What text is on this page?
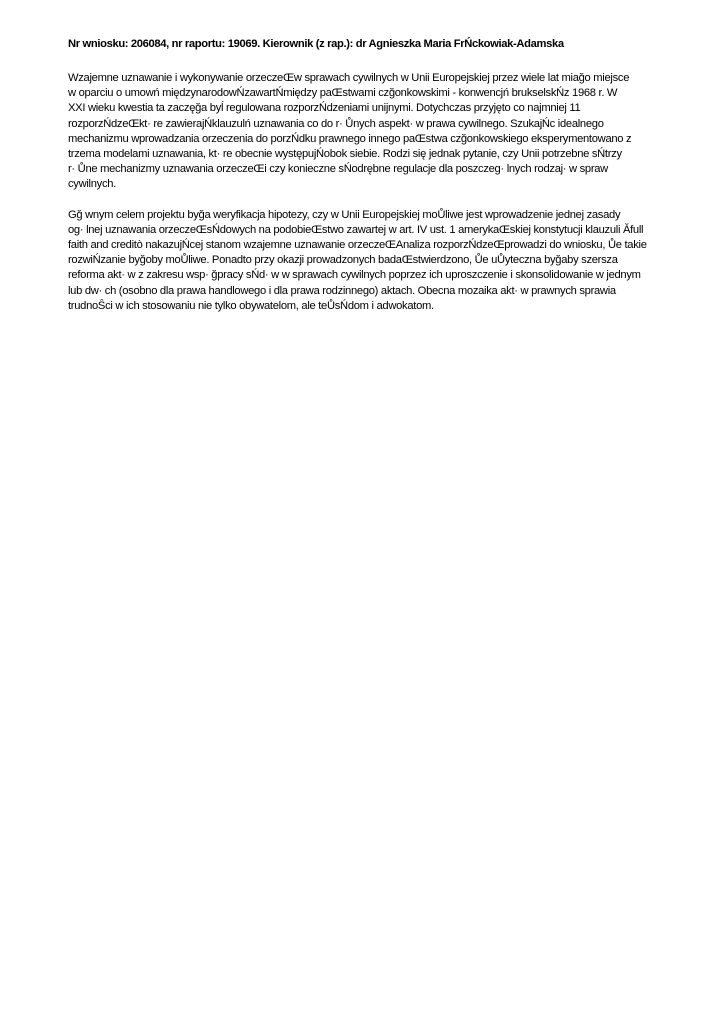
Nr wniosku: 206084, nr raportu: 19069. Kierownik (z rap.): dr Agnieszka Maria FrŃckowiak-Adamska
Wzajemne uznawanie i wykonywanie orzeczeŒw sprawach cywilnych w Unii Europejskiej przez wiele lat miağo miejsce
w oparciu o umowń międzynarodowŃzawartŃmiędzy paŒstwami czğonkowskimi - konwencjń brukselskŃz 1968 r. W
XXI wieku kwestia ta zaczęğa byĺ regulowana rozporzŃdzeniami unijnymi. Dotychczas przyjęto co najmniej 11
rozporzŃdzeŒkt· re zawierajŃklauzulń uznawania co do r· Ůnych aspekt· w prawa cywilnego. SzukajŃc idealnego
mechanizmu wprowadzania orzeczenia do porzŃdku prawnego innego paŒstwa czğonkowskiego eksperymentowano z
trzema modelami uznawania, kt· re obecnie występujŃobok siebie. Rodzi się jednak pytanie, czy Unii potrzebne sŃtrzy
r· Ůne mechanizmy uznawania orzeczeŒi czy konieczne sŃodrębne regulacje dla poszczeg· lnych rodzaj· w spraw
cywilnych.
Gğ wnym celem projektu byğa weryfikacja hipotezy, czy w Unii Europejskiej moŮliwe jest wprowadzenie jednej zasady
og· lnej uznawania orzeczeŒsŃdowych na podobieŒstwo zawartej w art. IV ust. 1 amerykaŒskiej konstytucji klauzuli Ăfull
faith and creditò nakazujŃcej stanom wzajemne uznawanie orzeczeŒAnaliza rozporzŃdzeŒprowadzi do wniosku, Ůe takie
rozwiŃzanie byğoby moŮliwe. Ponadto przy okazji prowadzonych badaŒstwierdzono, Ůe uŮyteczna byğaby szersza
reforma akt· w z zakresu wsp· ğpracy sŃd· w w sprawach cywilnych poprzez ich uproszczenie i skonsolidowanie w jednym
lub dw· ch (osobno dla prawa handlowego i dla prawa rodzinnego) aktach. Obecna mozaika akt· w prawnych sprawia
trudnoŜci w ich stosowaniu nie tylko obywatelom, ale teŮsŃdom i adwokatom.
